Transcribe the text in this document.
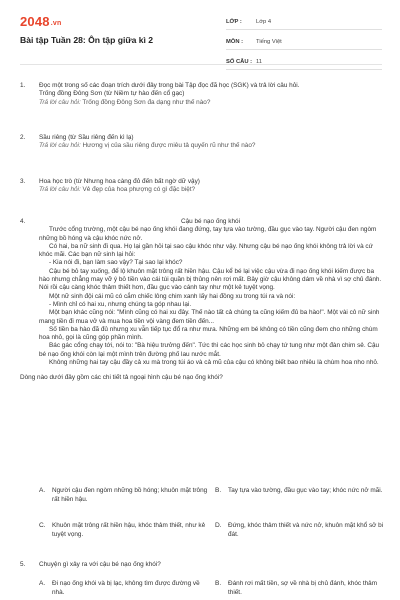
2048.vn
Bài tập Tuần 28: Ôn tập giữa kì 2
LỚP :	Lớp 4
MÔN :	Tiếng Việt
SỐ CÂU : 11
1. Đọc một trong số các đoạn trích dưới đây trong bài Tập đọc đã học (SGK) và trả lời câu hỏi.
Trống đồng Đông Sơn (từ Niềm tự hào đến cổ gạc)
Trả lời câu hỏi: Trống đồng Đông Sơn đa dạng như thế nào?
2. Sầu riêng (từ Sầu riêng đến kì lạ)
Trả lời câu hỏi: Hương vị của sầu riêng được miêu tả quyến rũ như thế nào?
3. Hoa học trò (từ Nhưng hoa càng đỏ đến bất ngờ dữ vậy)
Trả lời câu hỏi: Vẻ đẹp của hoa phượng có gì đặc biệt?
4.	Cậu bé nạo ống khói
Trước cổng trường, một cậu bé nạo ống khói đang đứng, tay tựa vào tường, đầu gục vào tay. Người cậu đen ngòm những bồ hóng và cậu khóc nức nở.
Có hai, ba nữ sinh đi qua. Họ lại gần hỏi tại sao cậu khóc như vậy. Nhưng cậu bé nạo ống khói không trả lời và cứ khóc mãi. Các bạn nữ sinh lại hỏi:
- Kia nói đi, bạn làm sao vậy? Tại sao lại khóc?
Cậu bé bỏ tay xuống, để lộ khuôn mặt trông rất hiền hậu. Cậu kể bé lại việc cậu vừa đi nạo ống khói kiếm được ba hào nhưng chẳng may vỡ ý bỏ tiền vào cái túi quần bị thủng nên rơi mất. Bây giờ cậu không dám về nhà vì sợ chủ đánh. Nói rồi cậu càng khóc thảm thiết hơn, đầu gục vào cánh tay như một kẻ tuyệt vọng.
Một nữ sinh đội cái mũ có cắm chiếc lông chim xanh lấy hai đồng xu trong túi ra và nói:
- Mình chỉ có hai xu, nhưng chúng ta góp nhau lại.
Một bạn khác cũng nói: "Mình cũng có hai xu đây. Thế nào tất cả chúng ta cũng kiếm đủ ba hào!". Một vài cô nữ sinh mang tiền đi mua vở và mua hoa tiền vội vàng đem tiền đến...
Số tiền ba hào đã đủ nhưng xu vẫn tiếp tục đổ ra như mưa. Những em bé không có tiền cũng đem cho những chùm hoa nhỏ, gọi là cũng góp phần mình.
Bác gác cổng chạy tới, nói to: "Bà hiệu trưởng đến". Tức thì các học sinh bỏ chạy tứ tung như một đàn chim sẻ. Cậu bé nạo ống khói còn lại một mình trên đường phố lau nước mắt.
Không những hai tay cậu đầy cả xu mà trong túi áo và cả mũ của cậu có không biết bao nhiêu là chùm hoa nho nhỏ.
Dòng nào dưới đây gồm các chi tiết tả ngoại hình cậu bé nạo ống khói?
A. Người cậu đen ngòm những bồ hóng; khuôn mặt trông rất hiền hậu.
B. Tay tựa vào tường, đầu gục vào tay; khóc nức nở mãi.
C. Khuôn mặt trông rất hiền hậu, khóc thảm thiết, như kẻ tuyệt vọng.
D. Đứng, khóc thảm thiết và nức nở, khuôn mặt khổ sở bi đát.
5. Chuyện gì xảy ra với cậu bé nạo ống khói?
A. Đi nạo ống khói và bị lạc, không tìm được đường về nhà.
B. Đánh rơi mất tiền, sợ về nhà bị chủ đánh, khóc thảm thiết.
